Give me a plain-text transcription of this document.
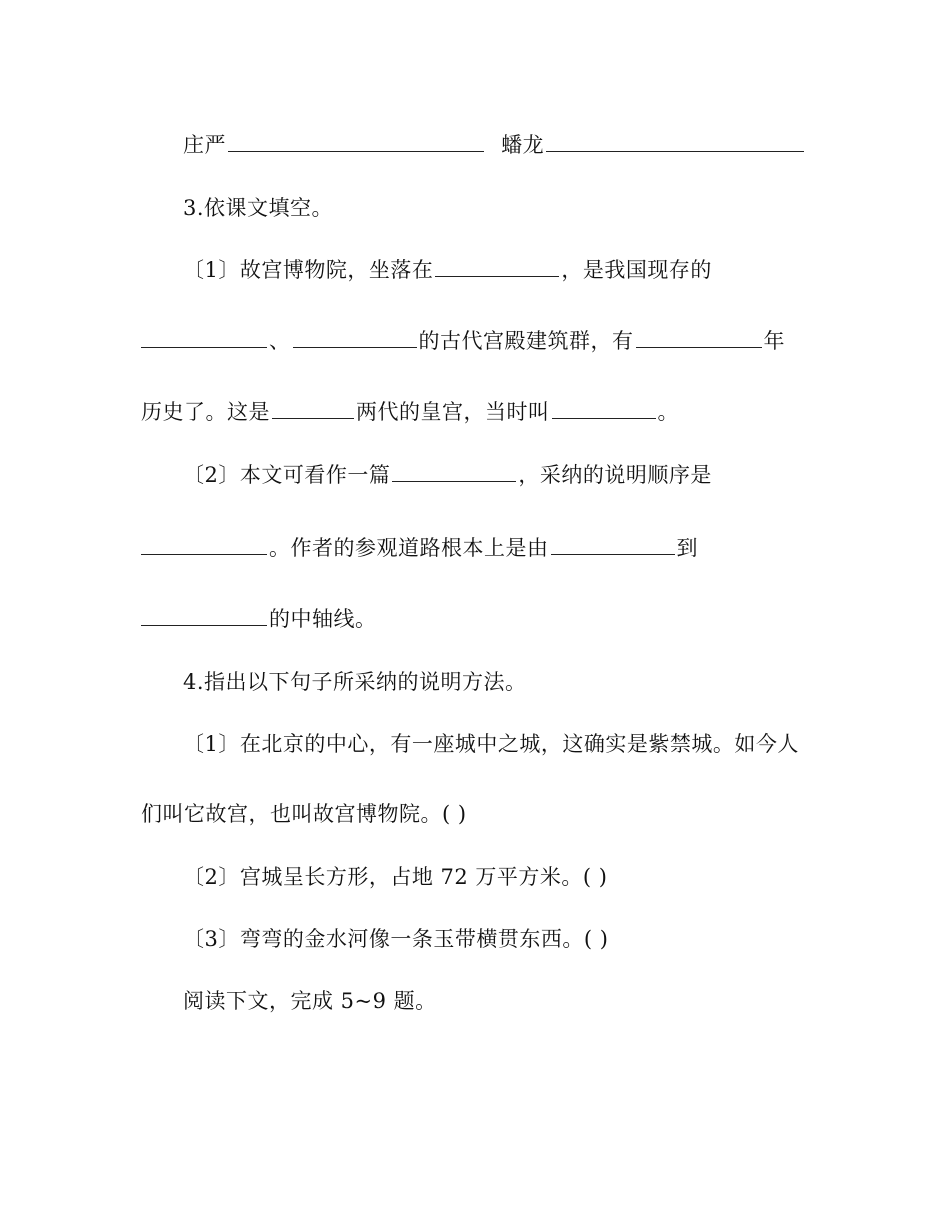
庄严	蟠龙
3.依课文填空。
〔1〕故宫博物院，坐落在	，是我国现存的
、	的古代宫殿建筑群，有	年
历史了。这是	两代的皇宫，当时叫	。
〔2〕本文可看作一篇	，采纳的说明顺序是
。作者的参观道路根本上是由	到
的中轴线。
4.指出以下句子所采纳的说明方法。
〔1〕在北京的中心，有一座城中之城，这确实是紫禁城。如今人
们叫它故宫，也叫故宫博物院。( )
〔2〕宫城呈长方形，占地 72 万平方米。( )
〔3〕弯弯的金水河像一条玉带横贯东西。( )
阅读下文，完成 5~9 题。
